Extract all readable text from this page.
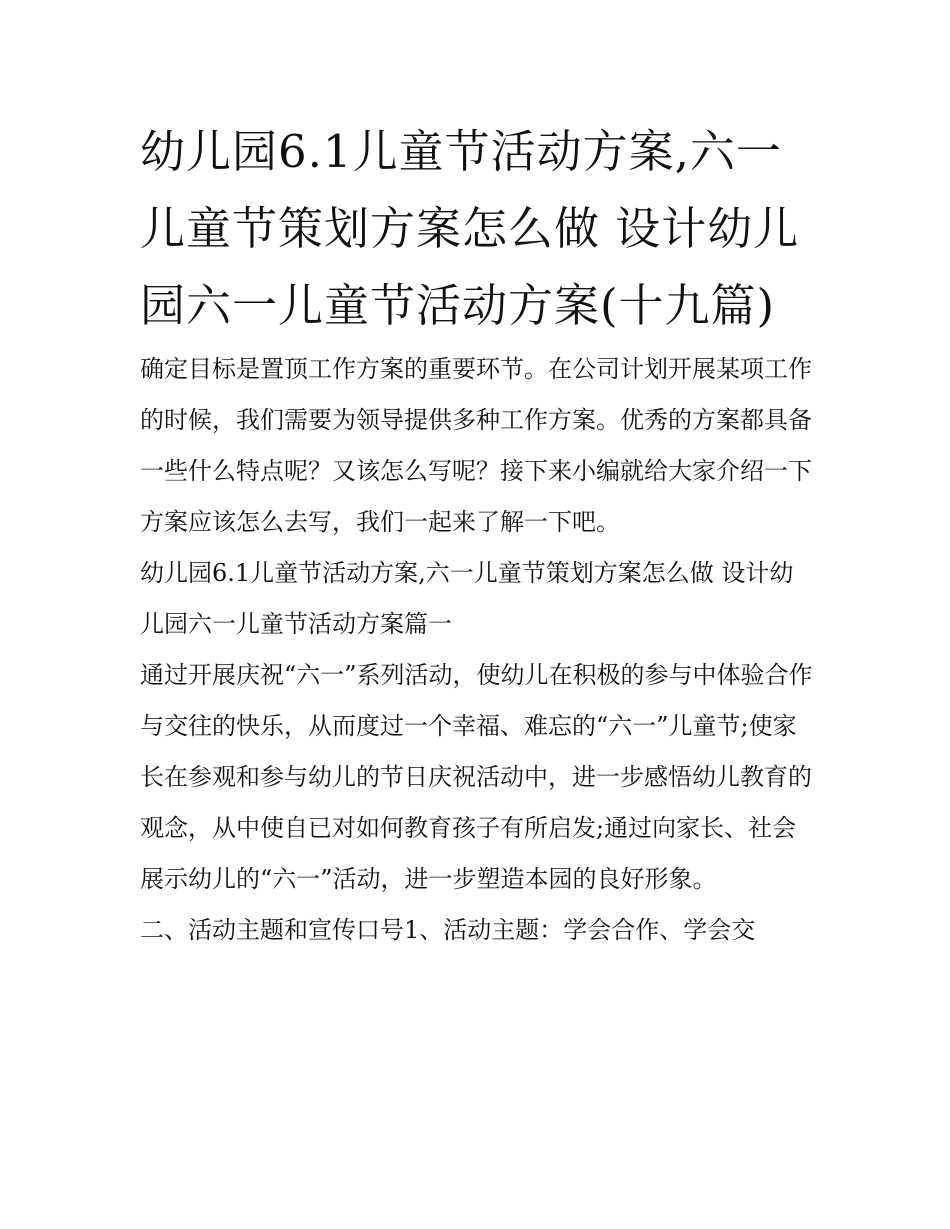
幼儿园6.1儿童节活动方案,六一儿童节策划方案怎么做 设计幼儿园六一儿童节活动方案(十九篇)

确定目标是置顶工作方案的重要环节。在公司计划开展某项工作的时候，我们需要为领导提供多种工作方案。优秀的方案都具备一些什么特点呢？又该怎么写呢？接下来小编就给大家介绍一下方案应该怎么去写，我们一起来了解一下吧。

幼儿园6.1儿童节活动方案,六一儿童节策划方案怎么做 设计幼儿园六一儿童节活动方案篇一

通过开展庆祝“六一”系列活动，使幼儿在积极的参与中体验合作与交往的快乐，从而度过一个幸福、难忘的“六一”儿童节;使家长在参观和参与幼儿的节日庆祝活动中，进一步感悟幼儿教育的观念，从中使自已对如何教育孩子有所启发;通过向家长、社会展示幼儿的“六一”活动，进一步塑造本园的良好形象。

二、活动主题和宣传口号1、活动主题：学会合作、学会交
